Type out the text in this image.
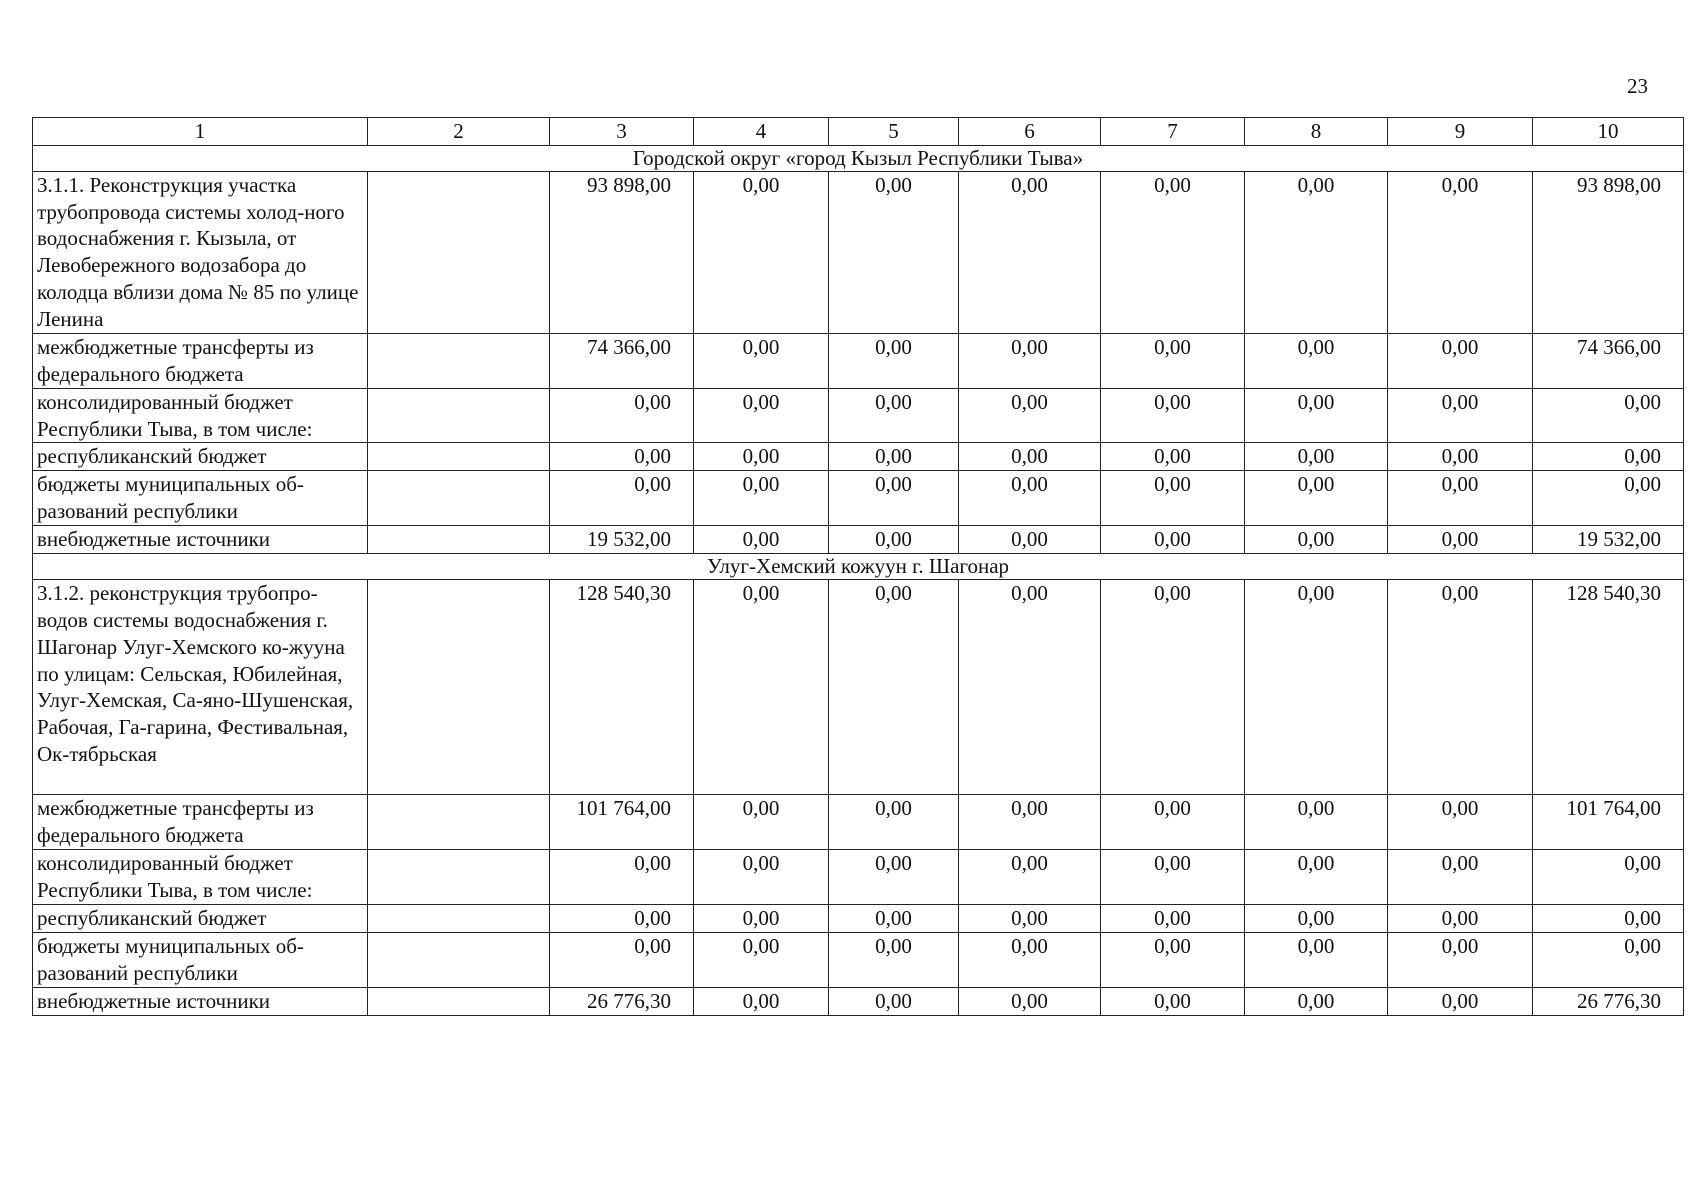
23
1	2	3	4	5	6	7	8	9	10
Городской округ «город Кызыл Республики Тыва»									
3.1.1. Реконструкция участка трубопровода системы холод-ного водоснабжения г. Кызыла, от Левобережного водозабора до колодца вблизи дома № 85 по улице Ленина		93 898,00	0,00	0,00	0,00	0,00	0,00	0,00	93 898,00
межбюджетные трансферты из федерального бюджета		74 366,00	0,00	0,00	0,00	0,00	0,00	0,00	74 366,00
консолидированный бюджет Республики Тыва, в том числе:		0,00	0,00	0,00	0,00	0,00	0,00	0,00	0,00
республиканский бюджет		0,00	0,00	0,00	0,00	0,00	0,00	0,00	0,00
бюджеты муниципальных об-разований республики		0,00	0,00	0,00	0,00	0,00	0,00	0,00	0,00
внебюджетные источники		19 532,00	0,00	0,00	0,00	0,00	0,00	0,00	19 532,00
Улуг-Хемский кожуун г. Шагонар									
3.1.2. реконструкция трубопро-водов системы водоснабжения г. Шагонар Улуг-Хемского ко-жууна по улицам: Сельская, Юбилейная, Улуг-Хемская, Са-яно-Шушенская, Рабочая, Га-гарина, Фестивальная, Ок-тябрьская		128 540,30	0,00	0,00	0,00	0,00	0,00	0,00	128 540,30
межбюджетные трансферты из федерального бюджета		101 764,00	0,00	0,00	0,00	0,00	0,00	0,00	101 764,00
консолидированный бюджет Республики Тыва, в том числе:		0,00	0,00	0,00	0,00	0,00	0,00	0,00	0,00
республиканский бюджет		0,00	0,00	0,00	0,00	0,00	0,00	0,00	0,00
бюджеты муниципальных об-разований республики		0,00	0,00	0,00	0,00	0,00	0,00	0,00	0,00
внебюджетные источники		26 776,30	0,00	0,00	0,00	0,00	0,00	0,00	26 776,30
